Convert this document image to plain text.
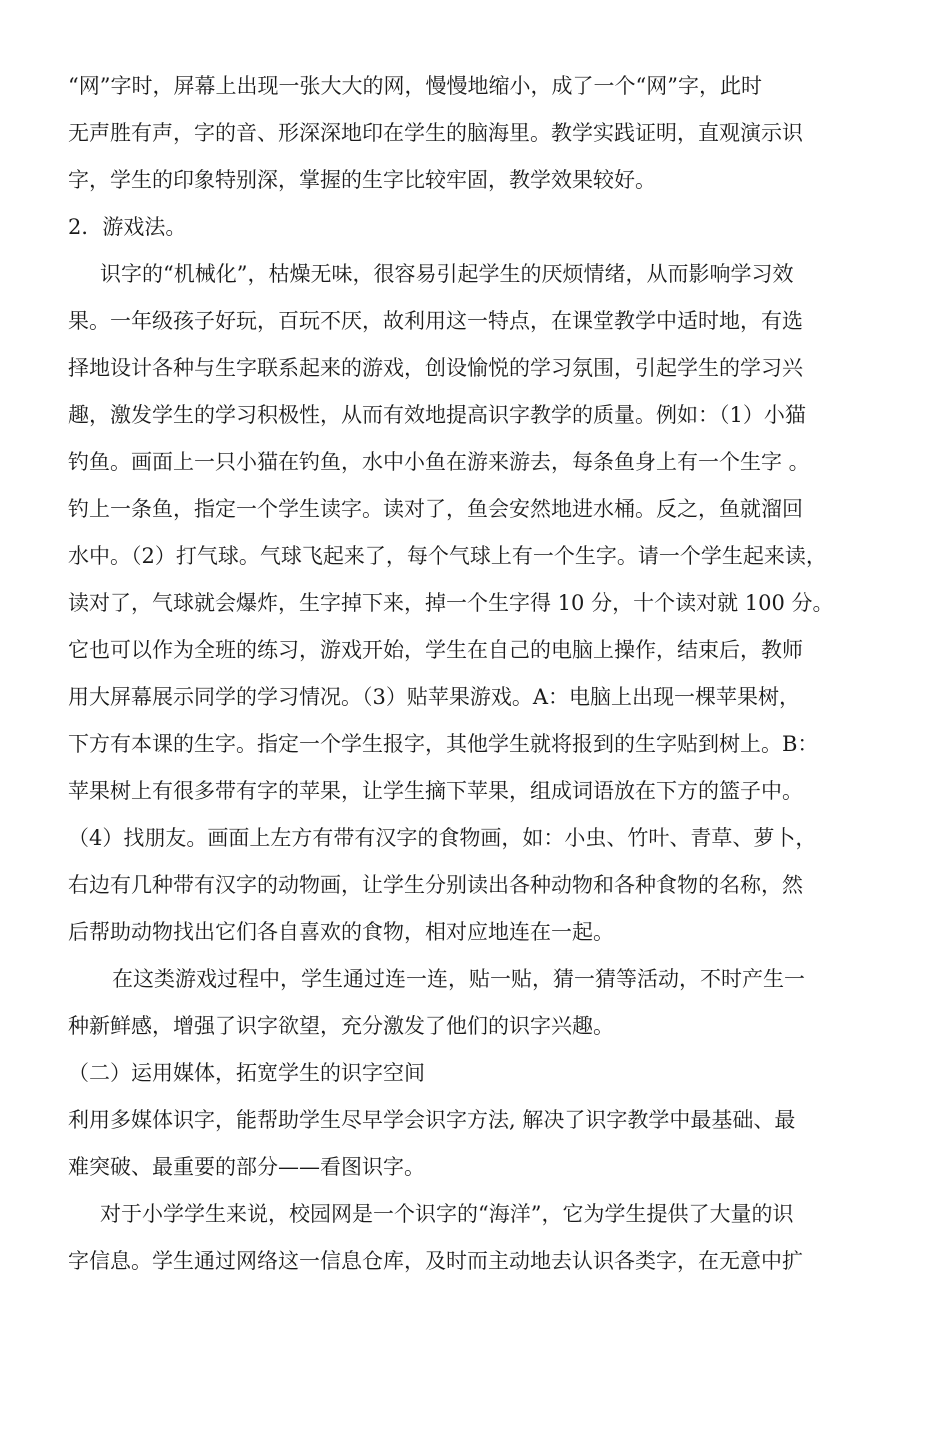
“网”字时，屏幕上出现一张大大的网，慢慢地缩小，成了一个“网”字，此时
无声胜有声，字的音、形深深地印在学生的脑海里。教学实践证明，直观演示识
字，学生的印象特别深，掌握的生字比较牢固，教学效果较好。
2．游戏法。
识字的“机械化”，枯燥无味，很容易引起学生的厌烦情绪，从而影响学习效
果。一年级孩子好玩，百玩不厌，故利用这一特点，在课堂教学中适时地，有选
择地设计各种与生字联系起来的游戏，创设愉悦的学习氛围，引起学生的学习兴
趣，激发学生的学习积极性，从而有效地提高识字教学的质量。例如：（1）小猫
钓鱼。画面上一只小猫在钓鱼，水中小鱼在游来游去，每条鱼身上有一个生字 。
钓上一条鱼，指定一个学生读字。读对了，鱼会安然地进水桶。反之，鱼就溜回
水中。（2）打气球。气球飞起来了，每个气球上有一个生字。请一个学生起来读，
读对了，气球就会爆炸，生字掉下来，掉一个生字得 10 分，十个读对就 100 分。
它也可以作为全班的练习，游戏开始，学生在自己的电脑上操作，结束后，教师
用大屏幕展示同学的学习情况。（3）贴苹果游戏。A：电脑上出现一棵苹果树，
下方有本课的生字。指定一个学生报字，其他学生就将报到的生字贴到树上。B：
苹果树上有很多带有字的苹果，让学生摘下苹果，组成词语放在下方的篮子中。
（4）找朋友。画面上左方有带有汉字的食物画，如：小虫、竹叶、青草、萝卜，
右边有几种带有汉字的动物画，让学生分别读出各种动物和各种食物的名称，然
后帮助动物找出它们各自喜欢的食物，相对应地连在一起。
在这类游戏过程中，学生通过连一连，贴一贴，猜一猜等活动，不时产生一
种新鲜感，增强了识字欲望，充分激发了他们的识字兴趣。
（二）运用媒体，拓宽学生的识字空间
利用多媒体识字，能帮助学生尽早学会识字方法, 解决了识字教学中最基础、最
难突破、最重要的部分——看图识字。
对于小学学生来说，校园网是一个识字的“海洋”，它为学生提供了大量的识
字信息。学生通过网络这一信息仓库，及时而主动地去认识各类字，在无意中扩
